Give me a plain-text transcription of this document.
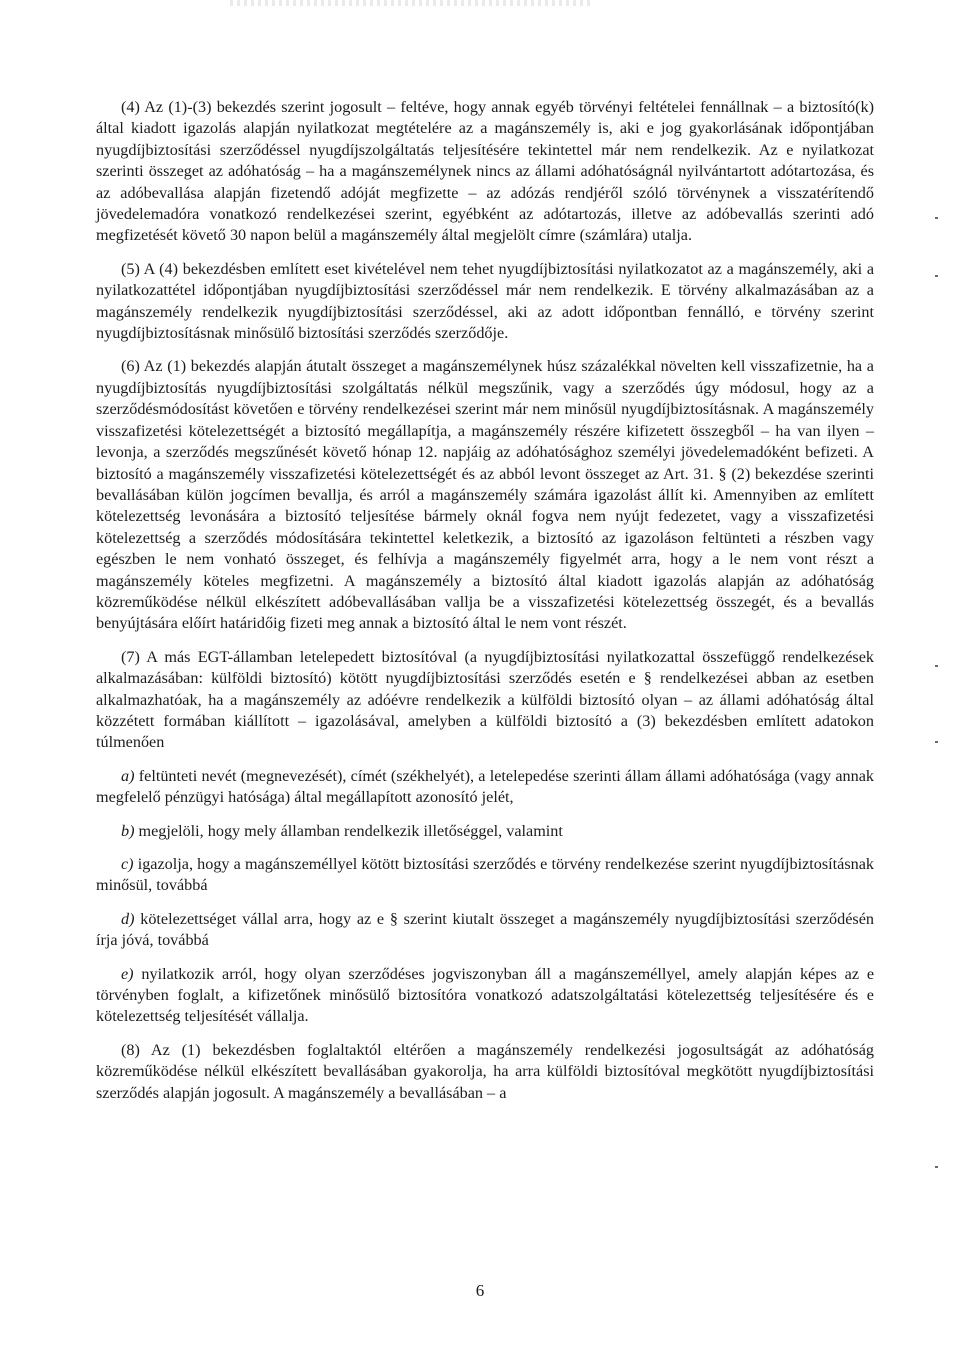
(4) Az (1)-(3) bekezdés szerint jogosult – feltéve, hogy annak egyéb törvényi feltételei fennállnak – a biztosító(k) által kiadott igazolás alapján nyilatkozat megtételére az a magánszemély is, aki e jog gyakorlásának időpontjában nyugdíjbiztosítási szerződéssel nyugdíjszolgáltatás teljesítésére tekintettel már nem rendelkezik. Az e nyilatkozat szerinti összeget az adóhatóság – ha a magánszemélynek nincs az állami adóhatóságnál nyilvántartott adótartozása, és az adóbevallása alapján fizetendő adóját megfizette – az adózás rendjéről szóló törvénynek a visszatérítendő jövedelemadóra vonatkozó rendelkezései szerint, egyébként az adótartozás, illetve az adóbevallás szerinti adó megfizetését követő 30 napon belül a magánszemély által megjelölt címre (számlára) utalja.

(5) A (4) bekezdésben említett eset kivételével nem tehet nyugdíjbiztosítási nyilatkozatot az a magánszemély, aki a nyilatkozattétel időpontjában nyugdíjbiztosítási szerződéssel már nem rendelkezik. E törvény alkalmazásában az a magánszemély rendelkezik nyugdíjbiztosítási szerződéssel, aki az adott időpontban fennálló, e törvény szerint nyugdíjbiztosításnak minősülő biztosítási szerződés szerződője.

(6) Az (1) bekezdés alapján átutalt összeget a magánszemélynek húsz százalékkal növelten kell visszafizetnie, ha a nyugdíjbiztosítás nyugdíjbiztosítási szolgáltatás nélkül megszűnik, vagy a szerződés úgy módosul, hogy az a szerződésmódosítást követően e törvény rendelkezései szerint már nem minősül nyugdíjbiztosításnak. A magánszemély visszafizetési kötelezettségét a biztosító megállapítja, a magánszemély részére kifizetett összegből – ha van ilyen – levonja, a szerződés megszűnését követő hónap 12. napjáig az adóhatósághoz személyi jövedelemadóként befizeti. A biztosító a magánszemély visszafizetési kötelezettségét és az abból levont összeget az Art. 31. § (2) bekezdése szerinti bevallásában külön jogcímen bevallja, és arról a magánszemély számára igazolást állít ki. Amennyiben az említett kötelezettség levonására a biztosító teljesítése bármely oknál fogva nem nyújt fedezetet, vagy a visszafizetési kötelezettség a szerződés módosítására tekintettel keletkezik, a biztosító az igazoláson feltünteti a részben vagy egészben le nem vonható összeget, és felhívja a magánszemély figyelmét arra, hogy a le nem vont részt a magánszemély köteles megfizetni. A magánszemély a biztosító által kiadott igazolás alapján az adóhatóság közreműködése nélkül elkészített adóbevallásában vallja be a visszafizetési kötelezettség összegét, és a bevallás benyújtására előírt határidőig fizeti meg annak a biztosító által le nem vont részét.

(7) A más EGT-államban letelepedett biztosítóval (a nyugdíjbiztosítási nyilatkozattal összefüggő rendelkezések alkalmazásában: külföldi biztosító) kötött nyugdíjbiztosítási szerződés esetén e § rendelkezései abban az esetben alkalmazhatóak, ha a magánszemély az adóévre rendelkezik a külföldi biztosító olyan – az állami adóhatóság által közzétett formában kiállított – igazolásával, amelyben a külföldi biztosító a (3) bekezdésben említett adatokon túlmenően

a) feltünteti nevét (megnevezését), címét (székhelyét), a letelepedése szerinti állam állami adóhatósága (vagy annak megfelelő pénzügyi hatósága) által megállapított azonosító jelét,

b) megjelöli, hogy mely államban rendelkezik illetőséggel, valamint

c) igazolja, hogy a magánszeméllyel kötött biztosítási szerződés e törvény rendelkezése szerint nyugdíjbiztosításnak minősül, továbbá

d) kötelezettséget vállal arra, hogy az e § szerint kiutalt összeget a magánszemély nyugdíjbiztosítási szerződésén írja jóvá, továbbá

e) nyilatkozik arról, hogy olyan szerződéses jogviszonyban áll a magánszeméllyel, amely alapján képes az e törvényben foglalt, a kifizetőnek minősülő biztosítóra vonatkozó adatszolgáltatási kötelezettség teljesítésére és e kötelezettség teljesítését vállalja.

(8) Az (1) bekezdésben foglaltaktól eltérően a magánszemély rendelkezési jogosultságát az adóhatóság közreműködése nélkül elkészített bevallásában gyakorolja, ha arra külföldi biztosítóval megkötött nyugdíjbiztosítási szerződés alapján jogosult. A magánszemély a bevallásában – a

6
